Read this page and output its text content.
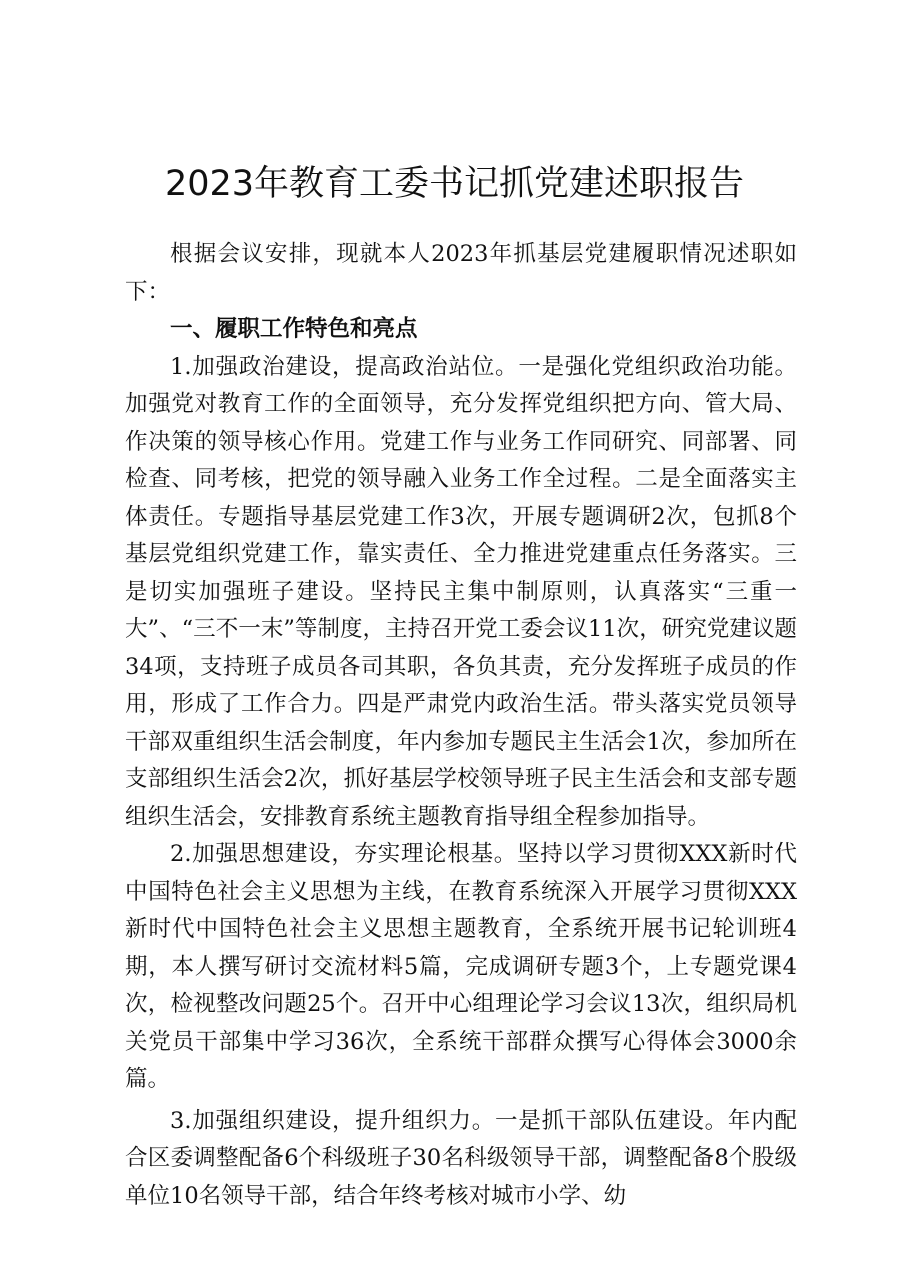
2023年教育工委书记抓党建述职报告

根据会议安排，现就本人2023年抓基层党建履职情况述职如下：

一、履职工作特色和亮点

1.加强政治建设，提高政治站位。一是强化党组织政治功能。加强党对教育工作的全面领导，充分发挥党组织把方向、管大局、作决策的领导核心作用。党建工作与业务工作同研究、同部署、同检查、同考核，把党的领导融入业务工作全过程。二是全面落实主体责任。专题指导基层党建工作3次，开展专题调研2次，包抓8个基层党组织党建工作，靠实责任、全力推进党建重点任务落实。三是切实加强班子建设。坚持民主集中制原则，认真落实“三重一大”、“三不一末”等制度，主持召开党工委会议11次，研究党建议题34项，支持班子成员各司其职，各负其责，充分发挥班子成员的作用，形成了工作合力。四是严肃党内政治生活。带头落实党员领导干部双重组织生活会制度，年内参加专题民主生活会1次，参加所在支部组织生活会2次，抓好基层学校领导班子民主生活会和支部专题组织生活会，安排教育系统主题教育指导组全程参加指导。

2.加强思想建设，夯实理论根基。坚持以学习贯彻XXX新时代中国特色社会主义思想为主线，在教育系统深入开展学习贯彻XXX新时代中国特色社会主义思想主题教育，全系统开展书记轮训班4期，本人撰写研讨交流材料5篇，完成调研专题3个，上专题党课4次，检视整改问题25个。召开中心组理论学习会议13次，组织局机关党员干部集中学习36次，全系统干部群众撰写心得体会3000余篇。

3.加强组织建设，提升组织力。一是抓干部队伍建设。年内配合区委调整配备6个科级班子30名科级领导干部，调整配备8个股级单位10名领导干部，结合年终考核对城市小学、幼
